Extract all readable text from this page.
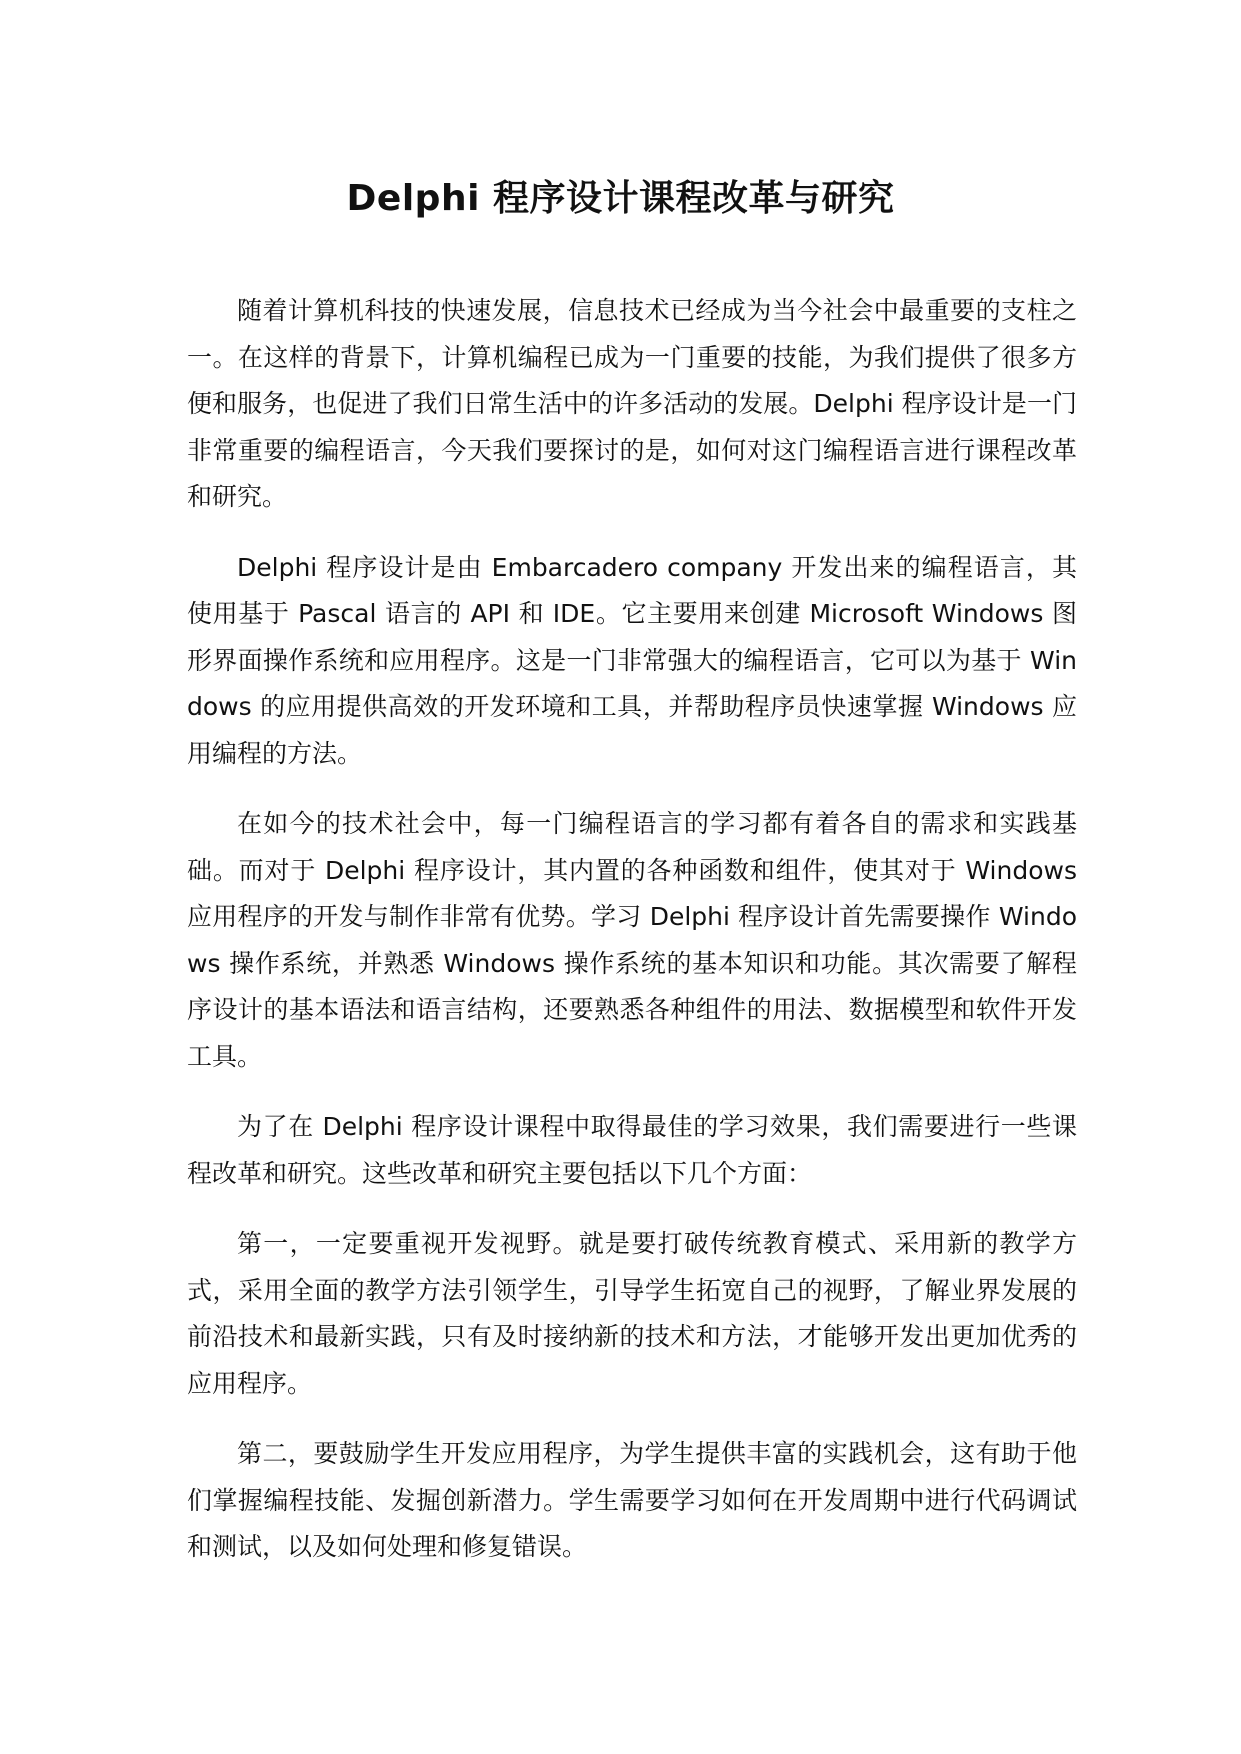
Delphi 程序设计课程改革与研究

随着计算机科技的快速发展，信息技术已经成为当今社会中最重要的支柱之一。在这样的背景下，计算机编程已成为一门重要的技能，为我们提供了很多方便和服务，也促进了我们日常生活中的许多活动的发展。Delphi 程序设计是一门非常重要的编程语言，今天我们要探讨的是，如何对这门编程语言进行课程改革和研究。

Delphi 程序设计是由 Embarcadero company 开发出来的编程语言，其使用基于 Pascal 语言的 API 和 IDE。它主要用来创建 Microsoft Windows 图形界面操作系统和应用程序。这是一门非常强大的编程语言，它可以为基于 Windows 的应用提供高效的开发环境和工具，并帮助程序员快速掌握 Windows 应用编程的方法。

在如今的技术社会中，每一门编程语言的学习都有着各自的需求和实践基础。而对于 Delphi 程序设计，其内置的各种函数和组件，使其对于 Windows 应用程序的开发与制作非常有优势。学习 Delphi 程序设计首先需要操作 Windows 操作系统，并熟悉 Windows 操作系统的基本知识和功能。其次需要了解程序设计的基本语法和语言结构，还要熟悉各种组件的用法、数据模型和软件开发工具。

为了在 Delphi 程序设计课程中取得最佳的学习效果，我们需要进行一些课程改革和研究。这些改革和研究主要包括以下几个方面：

第一，一定要重视开发视野。就是要打破传统教育模式、采用新的教学方式，采用全面的教学方法引领学生，引导学生拓宽自己的视野，了解业界发展的前沿技术和最新实践，只有及时接纳新的技术和方法，才能够开发出更加优秀的应用程序。

第二，要鼓励学生开发应用程序，为学生提供丰富的实践机会，这有助于他们掌握编程技能、发掘创新潜力。学生需要学习如何在开发周期中进行代码调试和测试，以及如何处理和修复错误。
